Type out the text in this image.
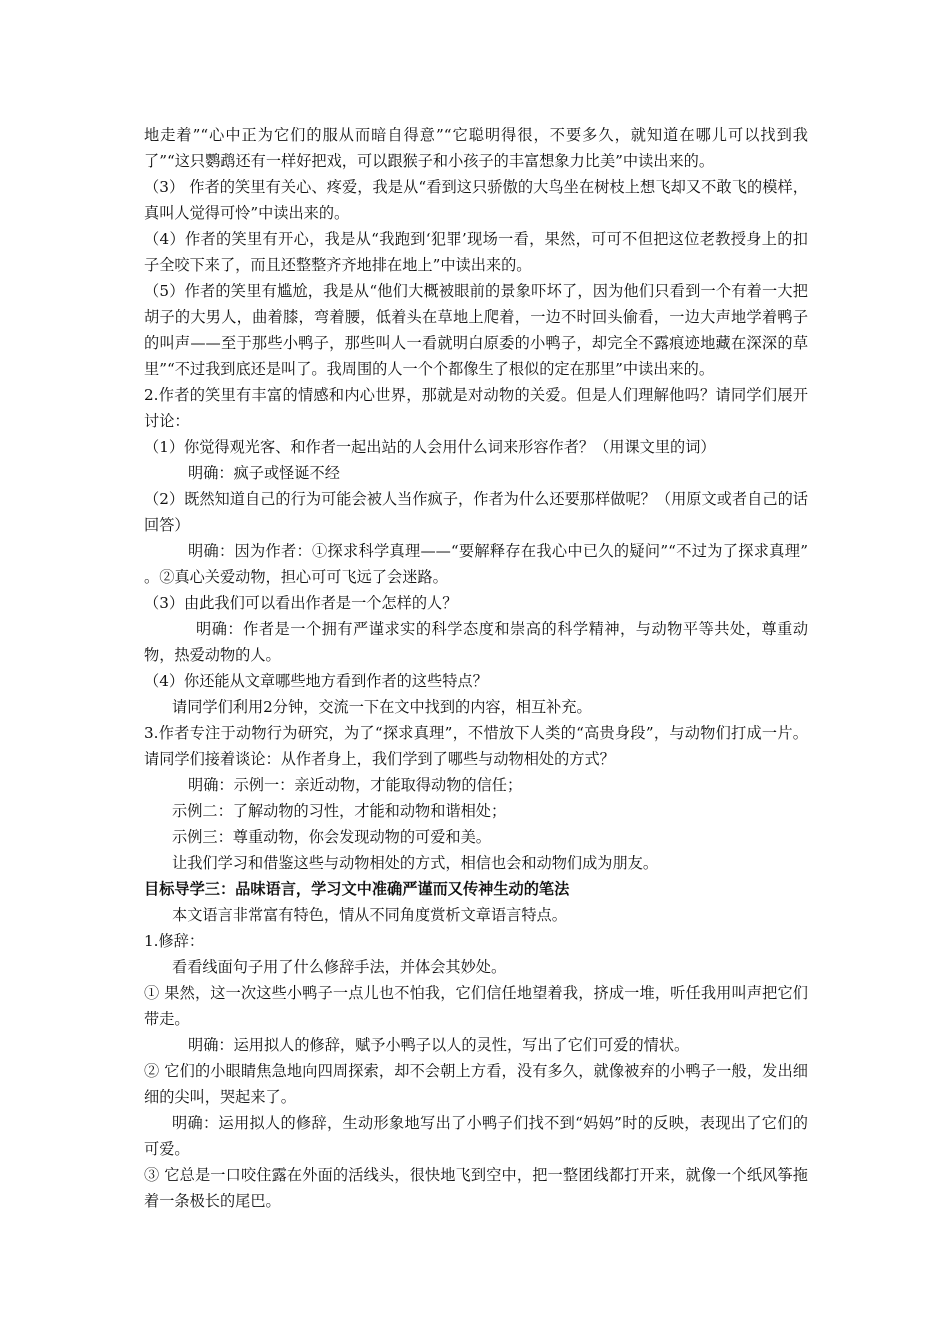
地走着”“心中正为它们的服从而暗自得意”“它聪明得很，不要多久，就知道在哪儿可以找到我了”“这只鹦鹉还有一样好把戏，可以跟猴子和小孩子的丰富想象力比美”中读出来的。

（3） 作者的笑里有关心、疼爱，我是从“看到这只骄傲的大鸟坐在树枝上想飞却又不敢飞的模样，真叫人觉得可怜”中读出来的。

（4）作者的笑里有开心，我是从“我跑到‘犯罪’现场一看，果然，可可不但把这位老教授身上的扣子全咬下来了，而且还整整齐齐地排在地上”中读出来的。

（5）作者的笑里有尴尬，我是从“他们大概被眼前的景象吓坏了，因为他们只看到一个有着一大把胡子的大男人，曲着膝，弯着腰，低着头在草地上爬着，一边不时回头偷看，一边大声地学着鸭子的叫声——至于那些小鸭子，那些叫人一看就明白原委的小鸭子，却完全不露痕迹地藏在深深的草里”“不过我到底还是叫了。我周围的人一个个都像生了根似的定在那里”中读出来的。

2.作者的笑里有丰富的情感和内心世界，那就是对动物的关爱。但是人们理解他吗？请同学们展开讨论：

（1）你觉得观光客、和作者一起出站的人会用什么词来形容作者？（用课文里的词）

明确：疯子或怪诞不经

（2）既然知道自己的行为可能会被人当作疯子，作者为什么还要那样做呢？（用原文或者自己的话回答）

明确：因为作者：①探求科学真理——“要解释存在我心中已久的疑问”“不过为了探求真理” 。②真心关爱动物，担心可可飞远了会迷路。

（3）由此我们可以看出作者是一个怎样的人？

明确：作者是一个拥有严谨求实的科学态度和崇高的科学精神，与动物平等共处，尊重动物，热爱动物的人。

（4）你还能从文章哪些地方看到作者的这些特点？

请同学们利用2分钟，交流一下在文中找到的内容，相互补充。

3.作者专注于动物行为研究，为了“探求真理”，不惜放下人类的“高贵身段”，与动物们打成一片。请同学们接着谈论：从作者身上，我们学到了哪些与动物相处的方式？

明确：示例一：亲近动物，才能取得动物的信任；

示例二：了解动物的习性，才能和动物和谐相处；

示例三：尊重动物，你会发现动物的可爱和美。

让我们学习和借鉴这些与动物相处的方式，相信也会和动物们成为朋友。

目标导学三：品味语言，学习文中准确严谨而又传神生动的笔法

本文语言非常富有特色，情从不同角度赏析文章语言特点。

1.修辞：

看看线面句子用了什么修辞手法，并体会其妙处。

① 果然，这一次这些小鸭子一点儿也不怕我，它们信任地望着我，挤成一堆，听任我用叫声把它们带走。

明确：运用拟人的修辞，赋予小鸭子以人的灵性，写出了它们可爱的情状。

② 它们的小眼睛焦急地向四周探索，却不会朝上方看，没有多久，就像被弃的小鸭子一般，发出细细的尖叫，哭起来了。

明确：运用拟人的修辞，生动形象地写出了小鸭子们找不到“妈妈”时的反映，表现出了它们的可爱。

③ 它总是一口咬住露在外面的活线头，很快地飞到空中，把一整团线都打开来，就像一个纸风筝拖着一条极长的尾巴。
